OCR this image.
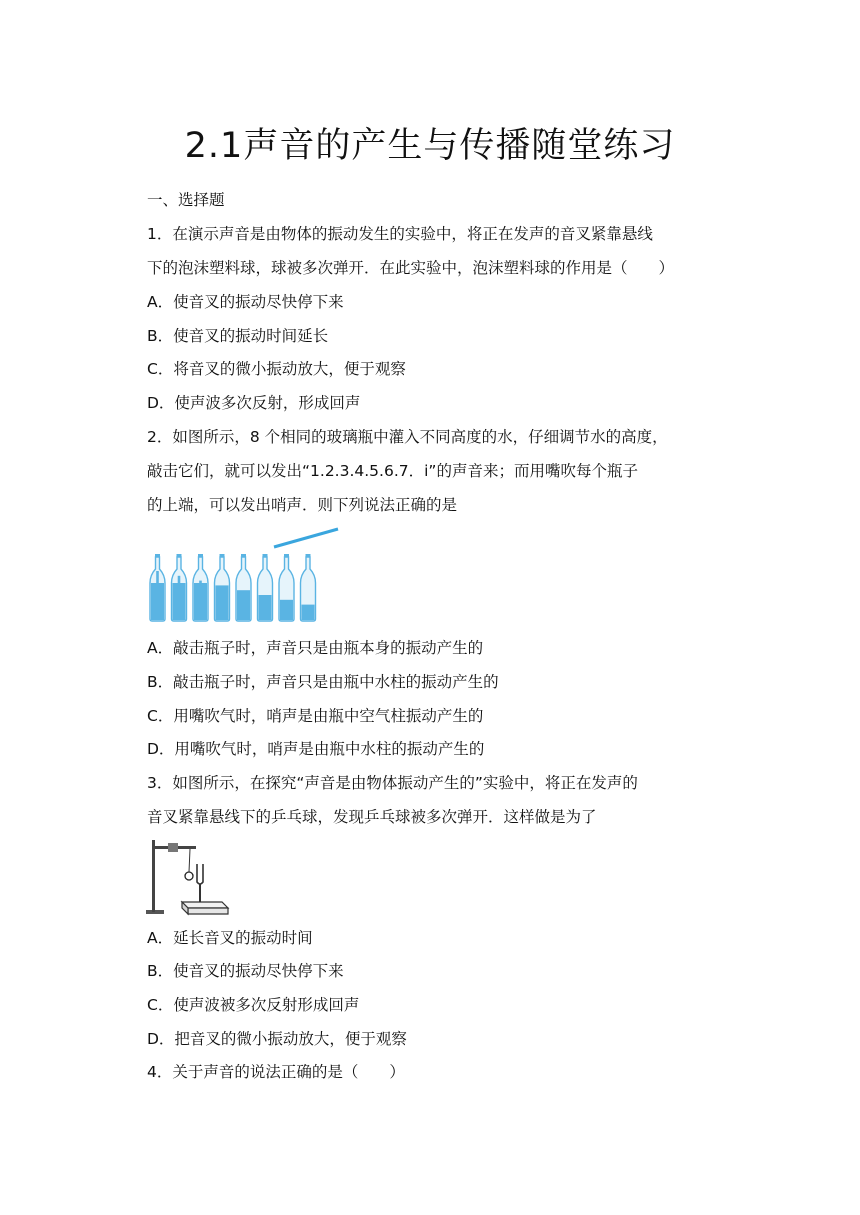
2.1声音的产生与传播随堂练习
一、选择题
1．在演示声音是由物体的振动发生的实验中，将正在发声的音叉紧靠悬线
下的泡沫塑料球，球被多次弹开．在此实验中，泡沫塑料球的作用是（　　）
A．使音叉的振动尽快停下来
B．使音叉的振动时间延长
C．将音叉的微小振动放大，便于观察
D．使声波多次反射，形成回声
2．如图所示，8 个相同的玻璃瓶中灌入不同高度的水，仔细调节水的高度，
敲击它们，就可以发出“1.2.3.4.5.6.7．i”的声音来；而用嘴吹每个瓶子
的上端，可以发出哨声．则下列说法正确的是
A．敲击瓶子时，声音只是由瓶本身的振动产生的
B．敲击瓶子时，声音只是由瓶中水柱的振动产生的
C．用嘴吹气时，哨声是由瓶中空气柱振动产生的
D．用嘴吹气时，哨声是由瓶中水柱的振动产生的
3．如图所示，在探究“声音是由物体振动产生的”实验中，将正在发声的
音叉紧靠悬线下的乒乓球，发现乒乓球被多次弹开．这样做是为了
A．延长音叉的振动时间
B．使音叉的振动尽快停下来
C．使声波被多次反射形成回声
D．把音叉的微小振动放大，便于观察
4．关于声音的说法正确的是（　　）
